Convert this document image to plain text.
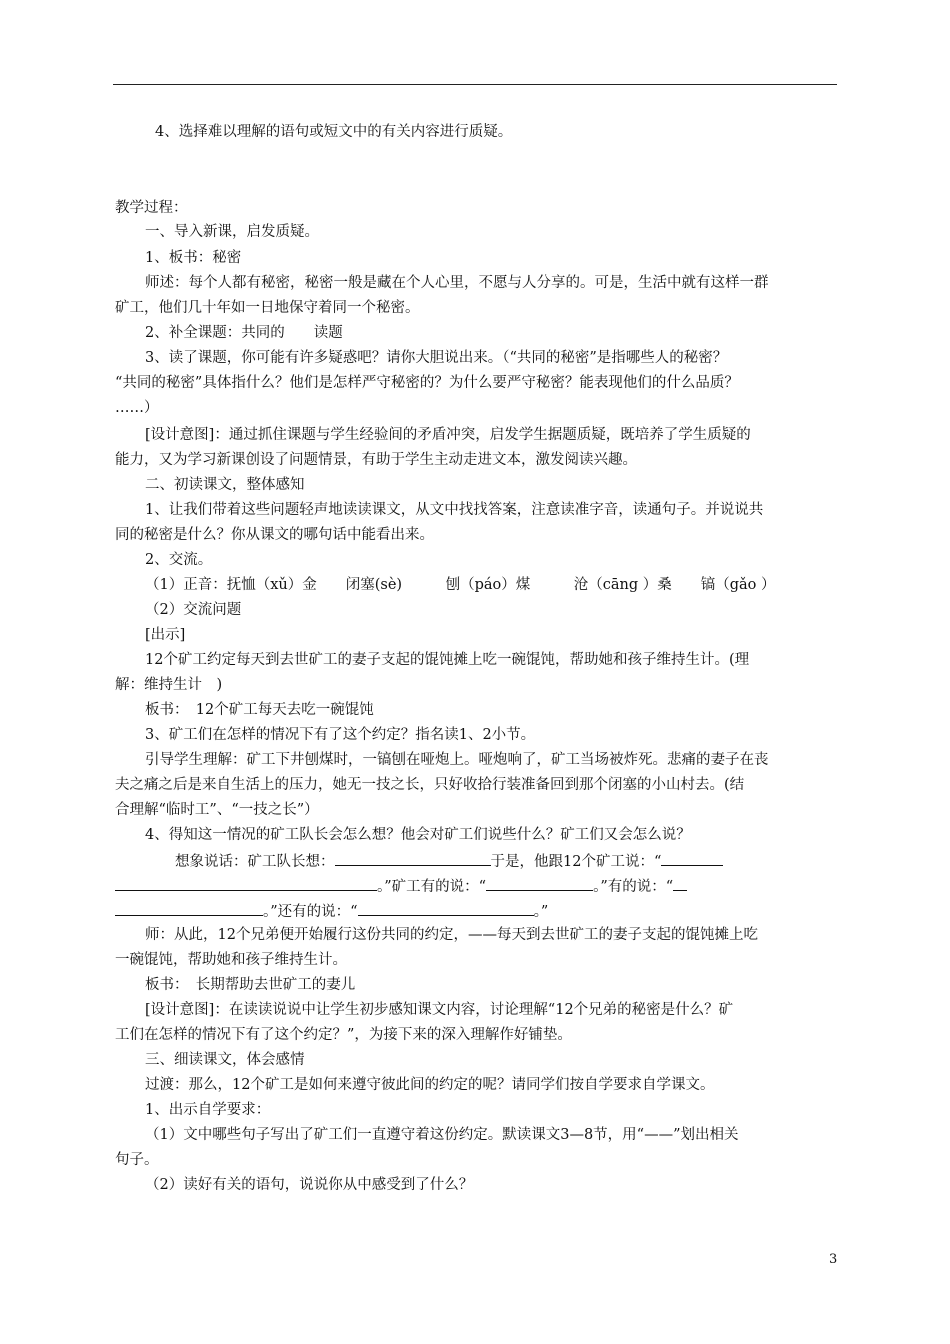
4、选择难以理解的语句或短文中的有关内容进行质疑。
教学过程：
一、导入新课，启发质疑。
1、板书：秘密
师述：每个人都有秘密，秘密一般是藏在个人心里，不愿与人分享的。可是，生活中就有这样一群
矿工，他们几十年如一日地保守着同一个秘密。
2、补全课题：共同的　　读题
3、读了课题，你可能有许多疑惑吧？请你大胆说出来。（“共同的秘密”是指哪些人的秘密？
“共同的秘密”具体指什么？他们是怎样严守秘密的？为什么要严守秘密？能表现他们的什么品质？
……）
[设计意图]：通过抓住课题与学生经验间的矛盾冲突，启发学生据题质疑，既培养了学生质疑的
能力，又为学习新课创设了问题情景，有助于学生主动走进文本，激发阅读兴趣。
二、初读课文，整体感知
1、让我们带着这些问题轻声地读读课文，从文中找找答案，注意读准字音，读通句子。并说说共
同的秘密是什么？你从课文的哪句话中能看出来。
2、交流。
（1）正音：抚恤（xǔ）金　　闭塞(sè)　　　刨（páo）煤　　　沧（cāng ）桑　　镐（gǎo ）
（2）交流问题
[出示]
12个矿工约定每天到去世矿工的妻子支起的馄饨摊上吃一碗馄饨，帮助她和孩子维持生计。(理
解：维持生计　)
板书：　12个矿工每天去吃一碗馄饨
3、矿工们在怎样的情况下有了这个约定？指名读1、2小节。
引导学生理解：矿工下井刨煤时，一镐刨在哑炮上。哑炮响了，矿工当场被炸死。悲痛的妻子在丧
夫之痛之后是来自生活上的压力，她无一技之长，只好收拾行装准备回到那个闭塞的小山村去。(结
合理解“临时工”、“一技之长”）
4、得知这一情况的矿工队长会怎么想？他会对矿工们说些什么？矿工们又会怎么说？
想象说话：矿工队长想：	于是，他跟12个矿工说：“
。”矿工有的说：“	。”有的说：“
。”还有的说：“	。”
师：从此，12个兄弟便开始履行这份共同的约定，——每天到去世矿工的妻子支起的馄饨摊上吃
一碗馄饨，帮助她和孩子维持生计。
板书：　长期帮助去世矿工的妻儿
[设计意图]：在读读说说中让学生初步感知课文内容，讨论理解“12个兄弟的秘密是什么？矿
工们在怎样的情况下有了这个约定？”，为接下来的深入理解作好铺垫。
三、细读课文，体会感情
过渡：那么，12个矿工是如何来遵守彼此间的约定的呢？请同学们按自学要求自学课文。
1、出示自学要求：
（1）文中哪些句子写出了矿工们一直遵守着这份约定。默读课文3—8节，用“——”划出相关
句子。
（2）读好有关的语句，说说你从中感受到了什么？
3
